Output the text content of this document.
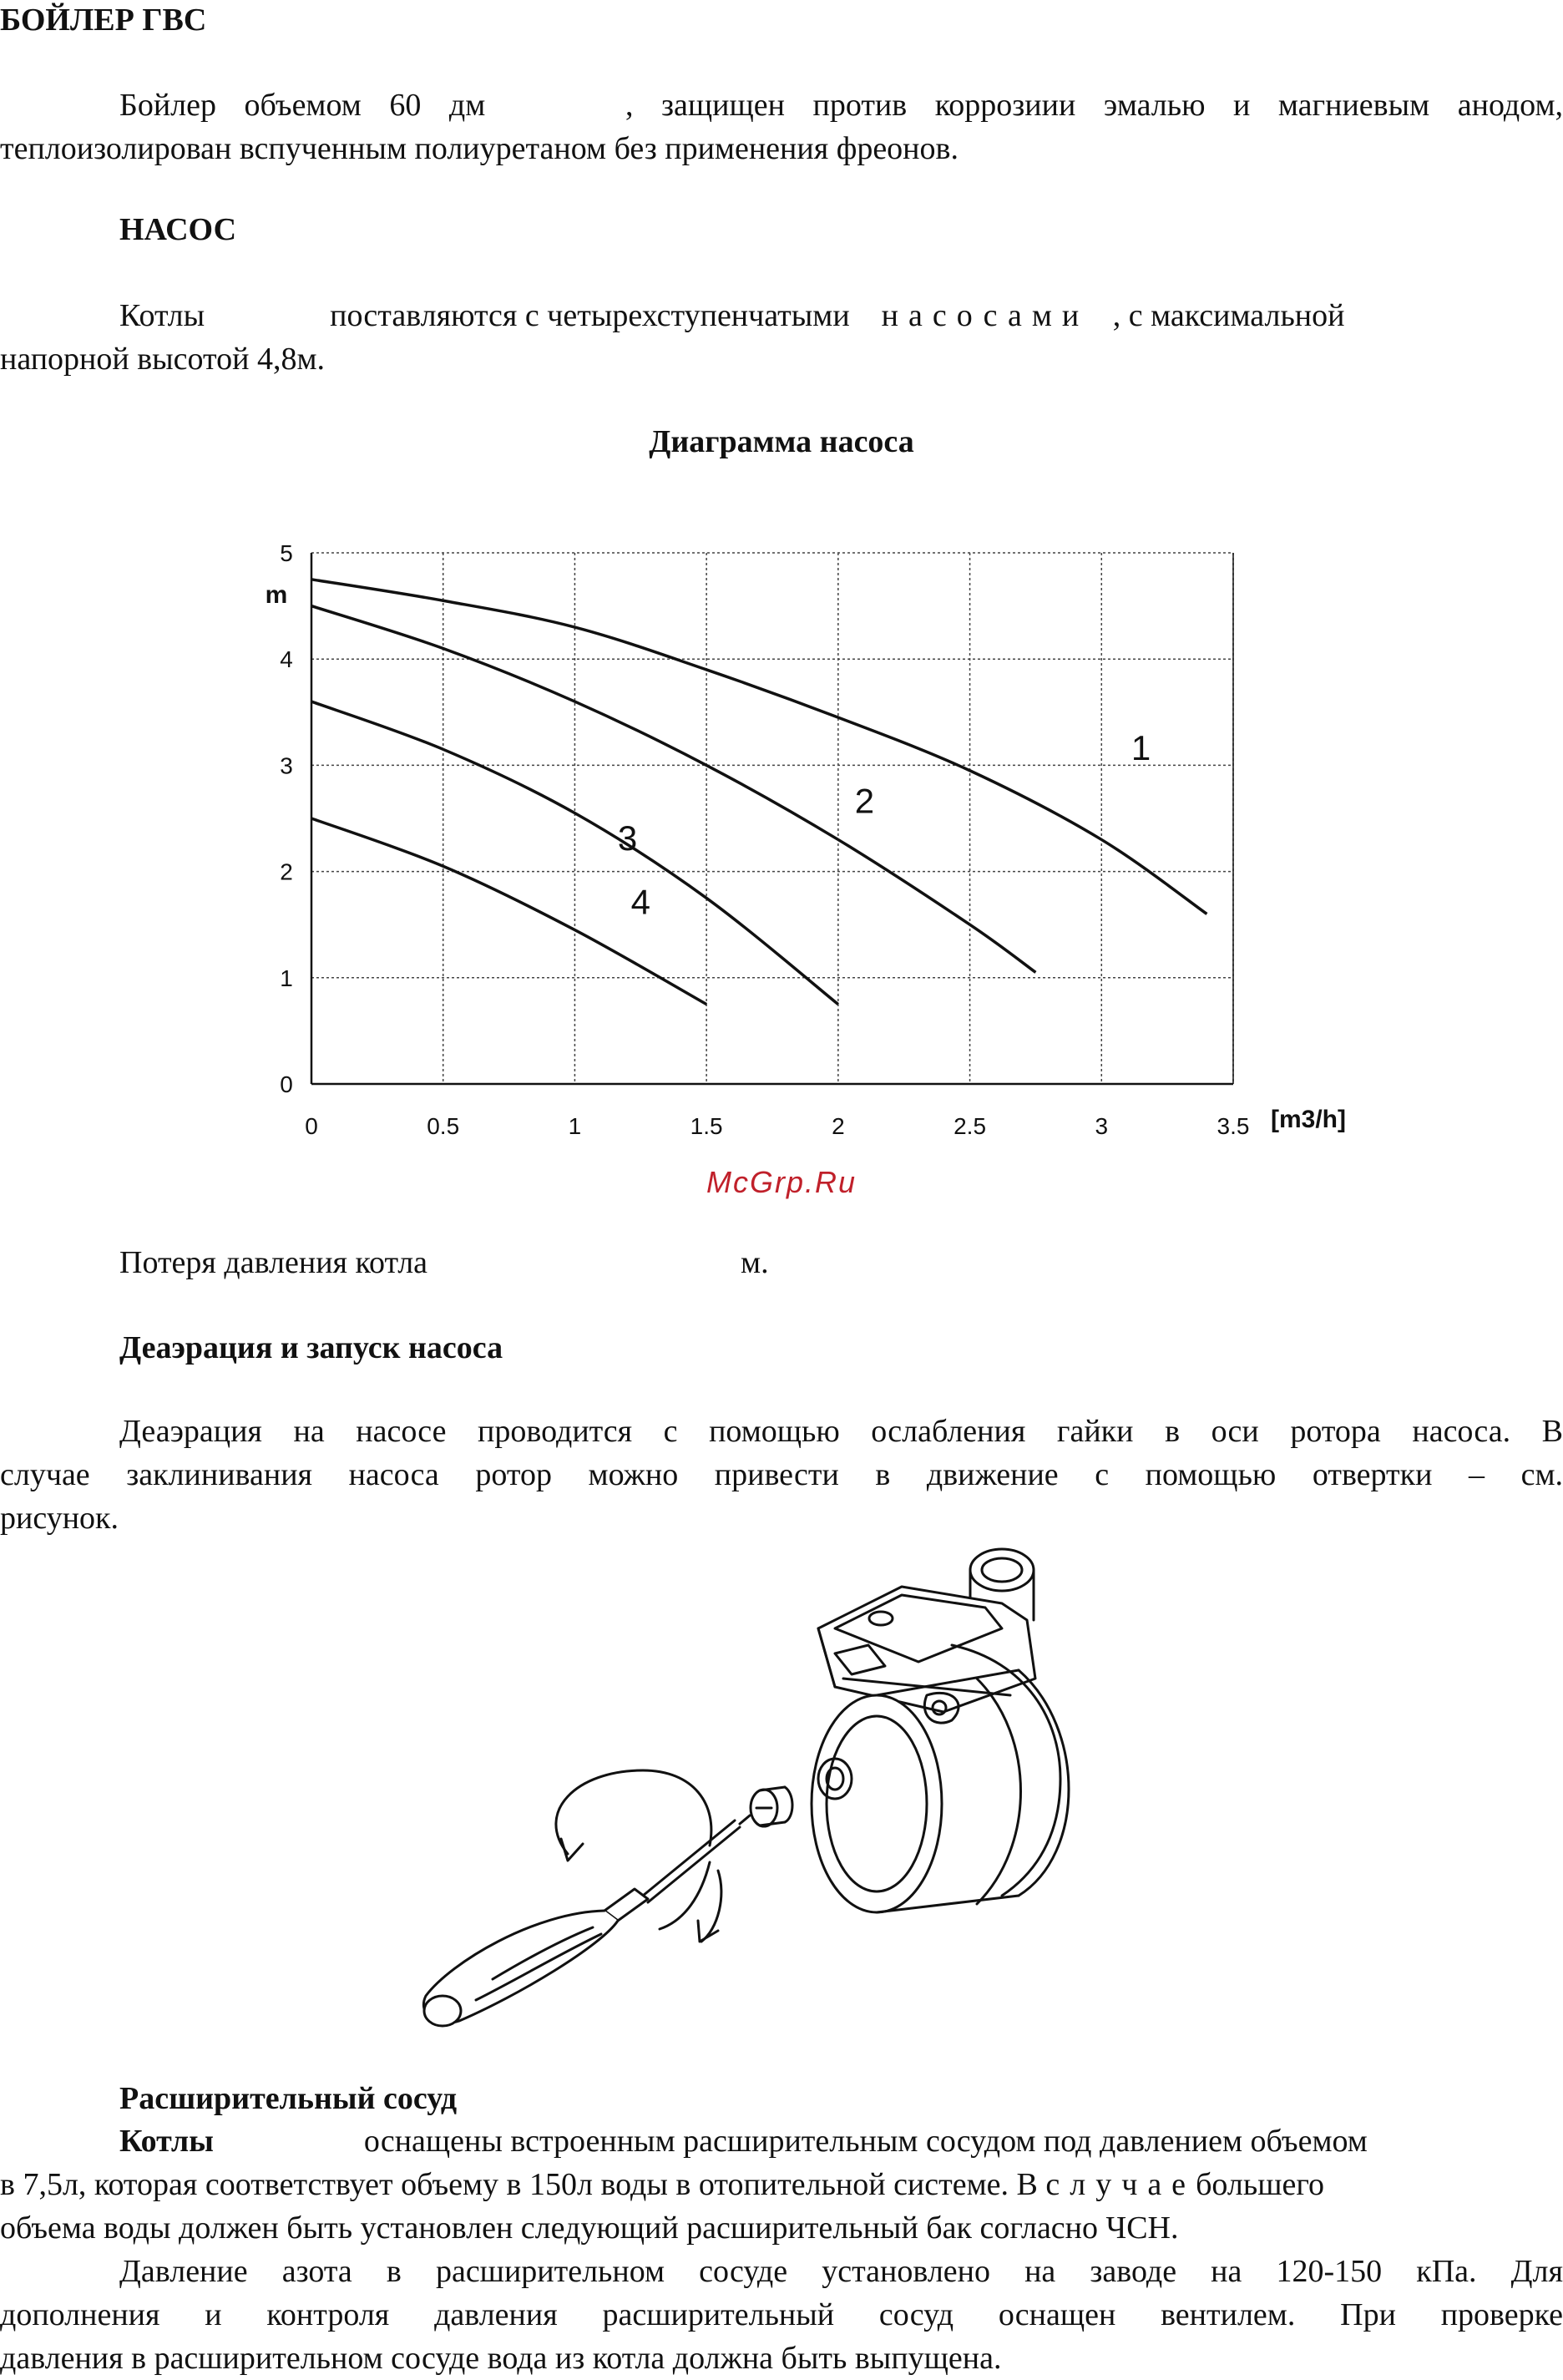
БОЙЛЕР ГВС
Бойлер объемом 60 дм	, защищен против коррозиии эмалью и магниевым анодом,
теплоизолирован вспученным полиуретаном без применения фреонов.
НАСОС
Котлы	поставляются с четырехступенчатыми насосами , с максимальной
напорной высотой 4,8м.
Диаграмма насоса
0	0.5	1	1.5	2	2.5	3	3.5
0
1
2
3
4
5
m
[m3/h]
1
2
3
4
McGrp.Ru
Потеря давления котла	м.
Деаэрация и запуск насоса
Деаэрация на насосе проводится с помощью ослабления гайки в оси ротора насоса. В
случае заклинивания насоса ротор можно привести в движение с помощью отвертки – см.
рисунок.
Расширительный сосуд
Котлы	оснащены встроенным расширительным сосудом под давлением объемом
в 7,5л, которая соответствует объему в 150л воды в отопительной системе. В случаебольшего
объема воды должен быть установлен следующий расширительный бак согласно ЧСН.
Давление азота в расширительном сосуде установлено на заводе на 120-150 кПа. Для
дополнения и контроля давления расширительный сосуд оснащен вентилем. При проверке
давления в расширительном сосуде вода из котла должна быть выпущена.
